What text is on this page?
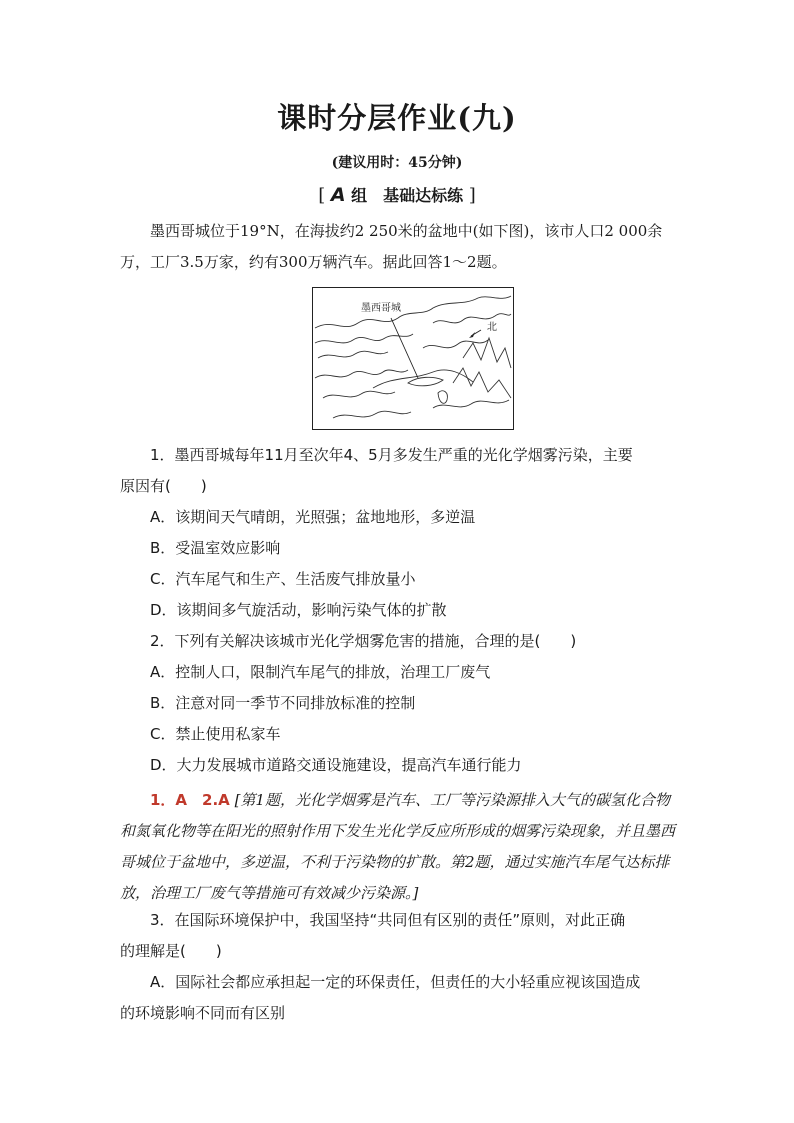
课时分层作业(九)
(建议用时：45分钟)
[ A 组　基础达标练 ]
墨西哥城位于19°N，在海拔约2 250米的盆地中(如下图)，该市人口2 000余万，工厂3.5万家，约有300万辆汽车。据此回答1～2题。
墨西哥城
北
1．墨西哥城每年11月至次年4、5月多发生严重的光化学烟雾污染，主要
原因有(　　)
A．该期间天气晴朗，光照强；盆地地形，多逆温
B．受温室效应影响
C．汽车尾气和生产、生活废气排放量小
D．该期间多气旋活动，影响污染气体的扩散
2．下列有关解决该城市光化学烟雾危害的措施，合理的是(　　)
A．控制人口，限制汽车尾气的排放，治理工厂废气
B．注意对同一季节不同排放标准的控制
C．禁止使用私家车
D．大力发展城市道路交通设施建设，提高汽车通行能力
1．A　2.A [第1题，光化学烟雾是汽车、工厂等污染源排入大气的碳氢化合物和氮氧化物等在阳光的照射作用下发生光化学反应所形成的烟雾污染现象，并且墨西哥城位于盆地中，多逆温，不利于污染物的扩散。第2题，通过实施汽车尾气达标排放，治理工厂废气等措施可有效减少污染源。]
3．在国际环境保护中，我国坚持“共同但有区别的责任”原则，对此正确
的理解是(　　)
A．国际社会都应承担起一定的环保责任，但责任的大小轻重应视该国造成
的环境影响不同而有区别
